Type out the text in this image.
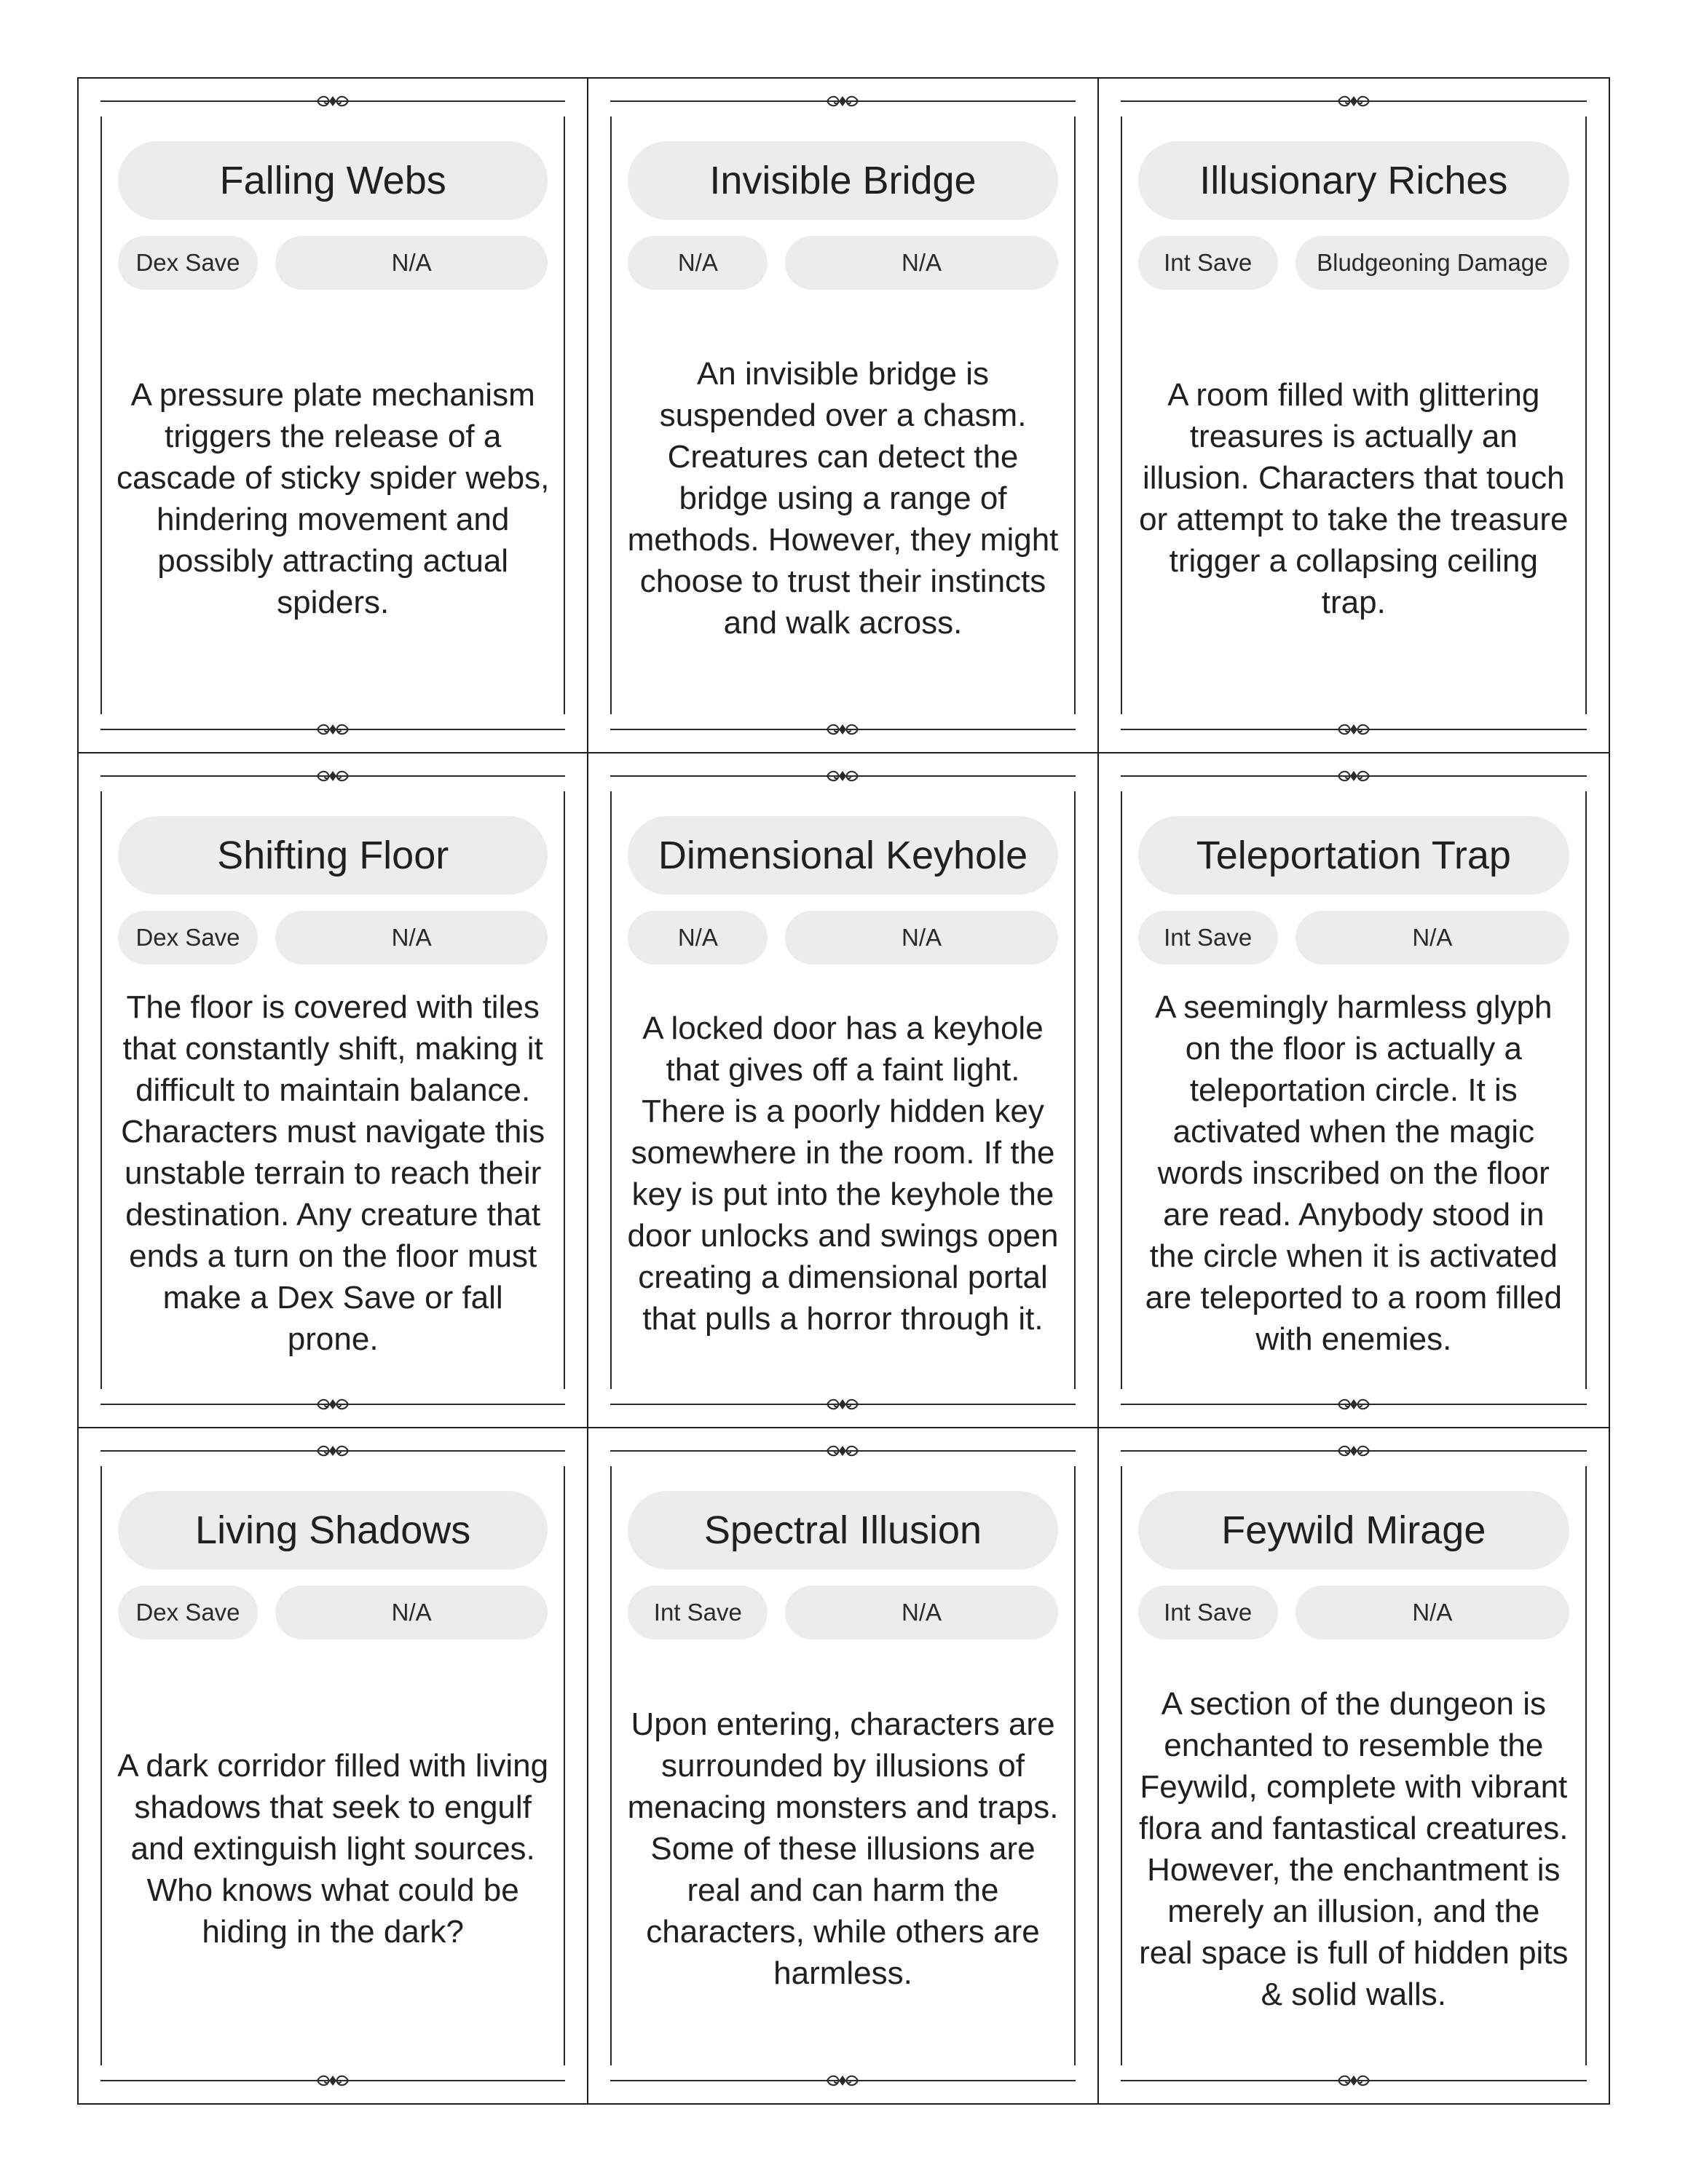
Falling Webs
Dex Save	N/A
A pressure plate mechanism triggers the release of a cascade of sticky spider webs, hindering movement and possibly attracting actual spiders.
Invisible Bridge
N/A	N/A
An invisible bridge is suspended over a chasm. Creatures can detect the bridge using a range of methods. However, they might choose to trust their instincts and walk across.
Illusionary Riches
Int Save	Bludgeoning Damage
A room filled with glittering treasures is actually an illusion. Characters that touch or attempt to take the treasure trigger a collapsing ceiling trap.
Shifting Floor
Dex Save	N/A
The floor is covered with tiles that constantly shift, making it difficult to maintain balance. Characters must navigate this unstable terrain to reach their destination. Any creature that ends a turn on the floor must make a Dex Save or fall prone.
Dimensional Keyhole
N/A	N/A
A locked door has a keyhole that gives off a faint light. There is a poorly hidden key somewhere in the room. If the key is put into the keyhole the door unlocks and swings open creating a dimensional portal that pulls a horror through it.
Teleportation Trap
Int Save	N/A
A seemingly harmless glyph on the floor is actually a teleportation circle. It is activated when the magic words inscribed on the floor are read. Anybody stood in the circle when it is activated are teleported to a room filled with enemies.
Living Shadows
Dex Save	N/A
A dark corridor filled with living shadows that seek to engulf and extinguish light sources. Who knows what could be hiding in the dark?
Spectral Illusion
Int Save	N/A
Upon entering, characters are surrounded by illusions of menacing monsters and traps. Some of these illusions are real and can harm the characters, while others are harmless.
Feywild Mirage
Int Save	N/A
A section of the dungeon is enchanted to resemble the Feywild, complete with vibrant flora and fantastical creatures. However, the enchantment is merely an illusion, and the real space is full of hidden pits & solid walls.
